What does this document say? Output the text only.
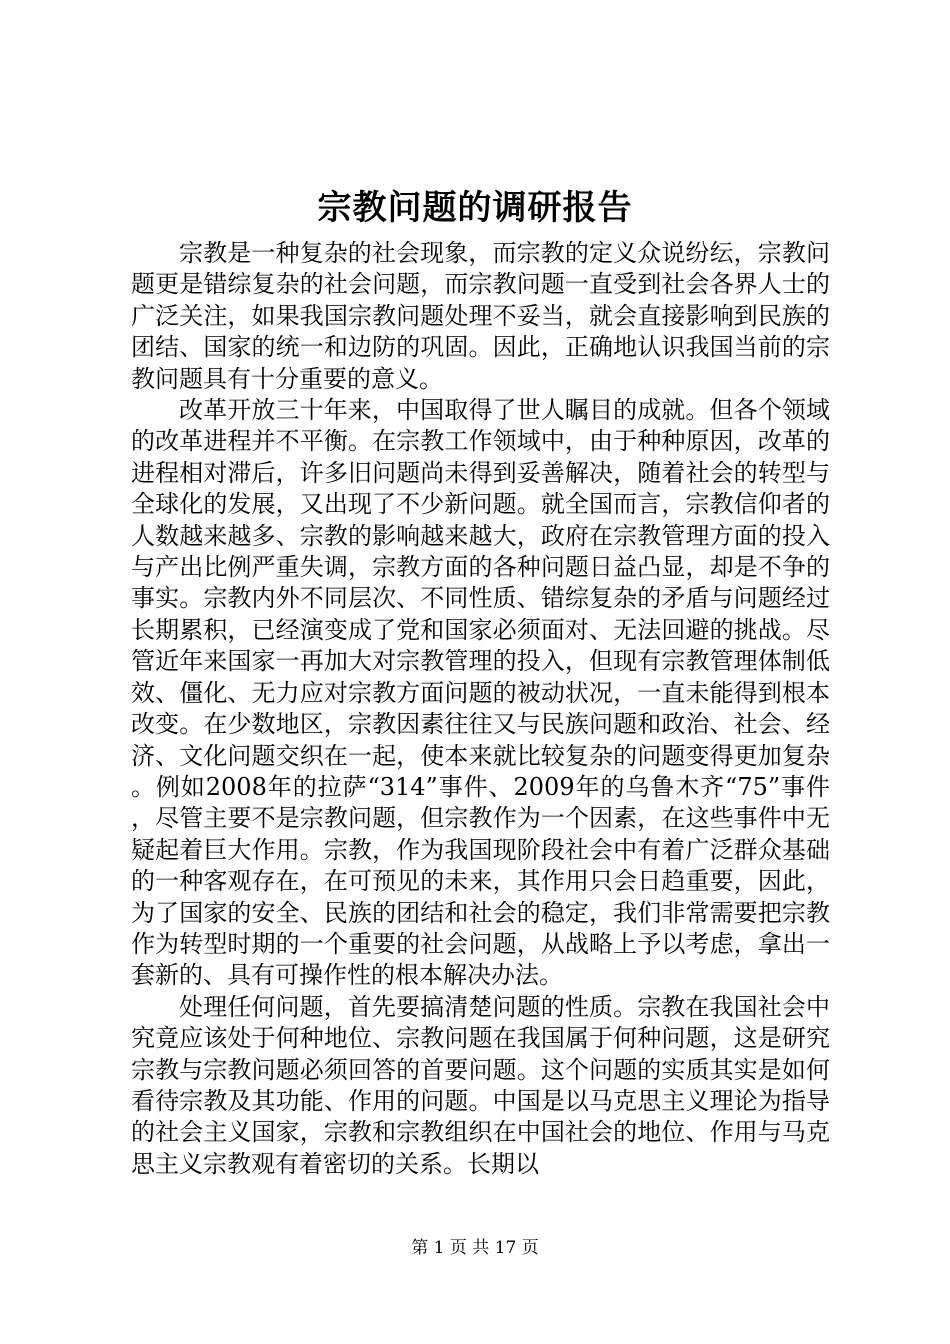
宗教问题的调研报告

宗教是一种复杂的社会现象，而宗教的定义众说纷纭，宗教问题更是错综复杂的社会问题，而宗教问题一直受到社会各界人士的广泛关注，如果我国宗教问题处理不妥当，就会直接影响到民族的团结、国家的统一和边防的巩固。因此，正确地认识我国当前的宗教问题具有十分重要的意义。

改革开放三十年来，中国取得了世人瞩目的成就。但各个领域的改革进程并不平衡。在宗教工作领域中，由于种种原因，改革的进程相对滞后，许多旧问题尚未得到妥善解决，随着社会的转型与全球化的发展，又出现了不少新问题。就全国而言，宗教信仰者的人数越来越多、宗教的影响越来越大，政府在宗教管理方面的投入与产出比例严重失调，宗教方面的各种问题日益凸显，却是不争的事实。宗教内外不同层次、不同性质、错综复杂的矛盾与问题经过长期累积，已经演变成了党和国家必须面对、无法回避的挑战。尽管近年来国家一再加大对宗教管理的投入，但现有宗教管理体制低效、僵化、无力应对宗教方面问题的被动状况，一直未能得到根本改变。在少数地区，宗教因素往往又与民族问题和政治、社会、经济、文化问题交织在一起，使本来就比较复杂的问题变得更加复杂。例如2008年的拉萨“314”事件、2009年的乌鲁木齐“75”事件，尽管主要不是宗教问题，但宗教作为一个因素，在这些事件中无疑起着巨大作用。宗教，作为我国现阶段社会中有着广泛群众基础的一种客观存在，在可预见的未来，其作用只会日趋重要，因此，为了国家的安全、民族的团结和社会的稳定，我们非常需要把宗教作为转型时期的一个重要的社会问题，从战略上予以考虑，拿出一套新的、具有可操作性的根本解决办法。

处理任何问题，首先要搞清楚问题的性质。宗教在我国社会中究竟应该处于何种地位、宗教问题在我国属于何种问题，这是研究宗教与宗教问题必须回答的首要问题。这个问题的实质其实是如何看待宗教及其功能、作用的问题。中国是以马克思主义理论为指导的社会主义国家，宗教和宗教组织在中国社会的地位、作用与马克思主义宗教观有着密切的关系。长期以

第 1 页 共 17 页
